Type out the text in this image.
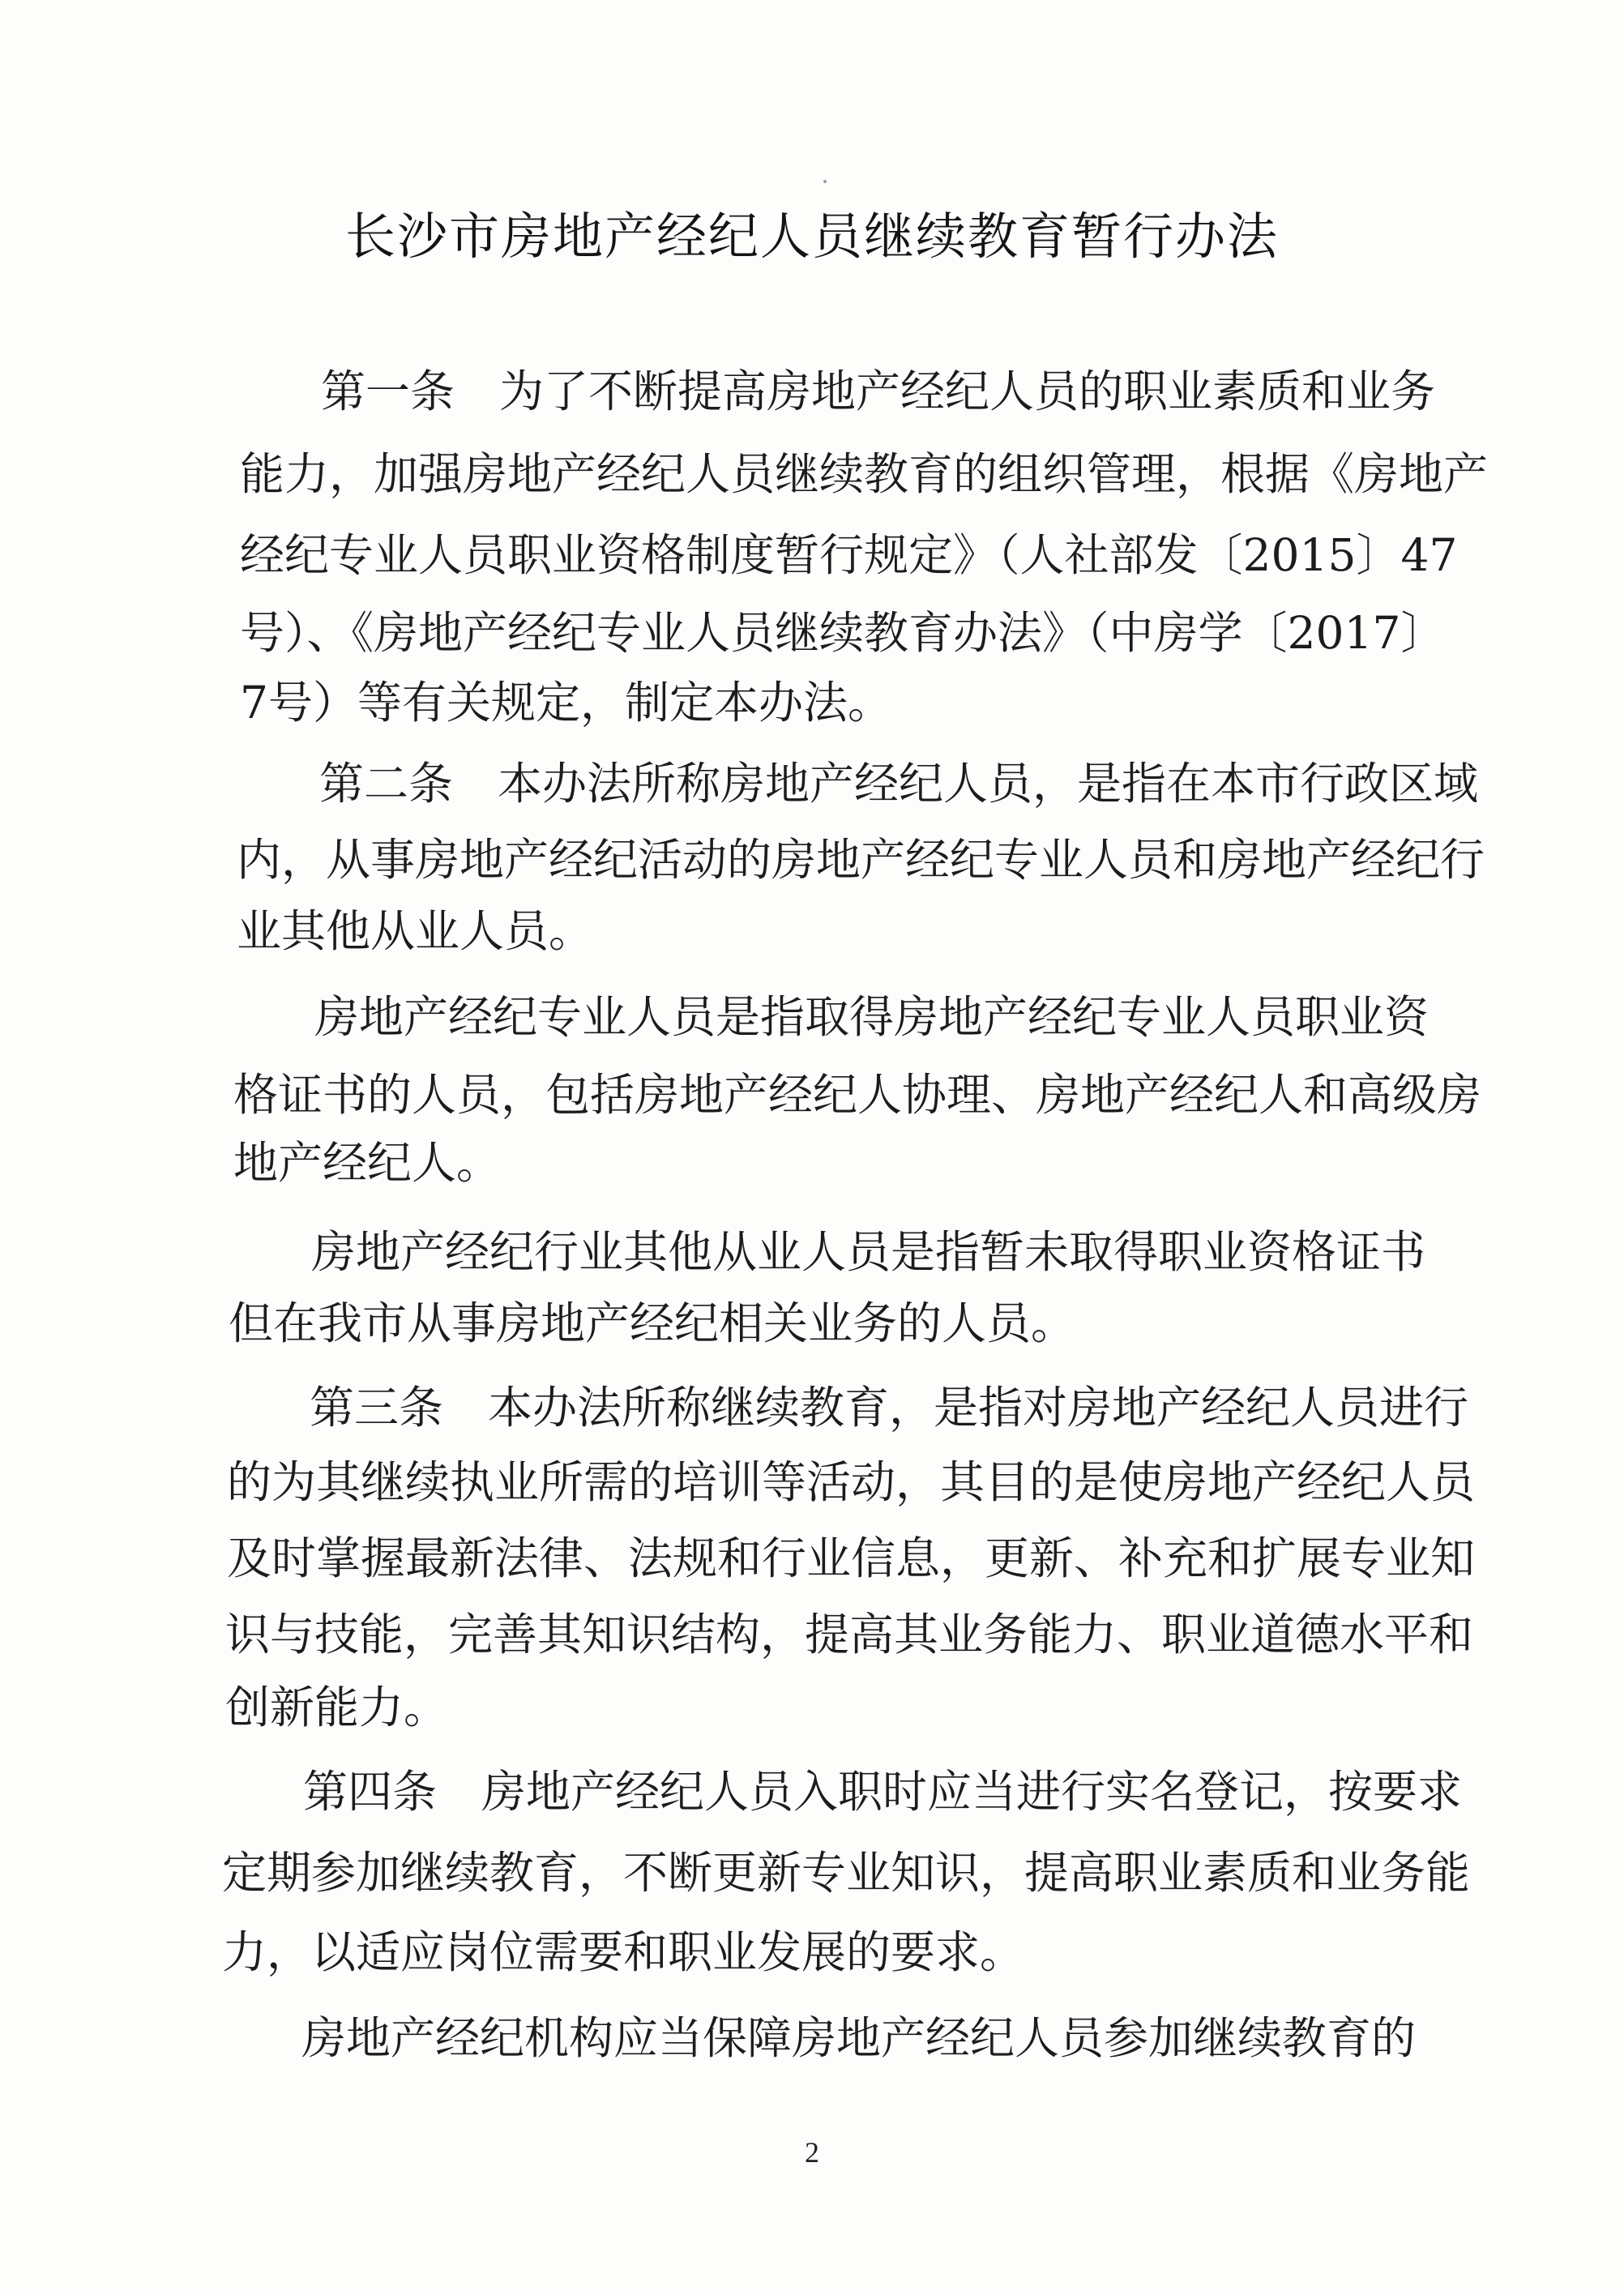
长沙市房地产经纪人员继续教育暂行办法
第一条　为了不断提高房地产经纪人员的职业素质和业务
能力，加强房地产经纪人员继续教育的组织管理，根据《房地产
经纪专业人员职业资格制度暂行规定》（人社部发〔2015〕47
号）、《房地产经纪专业人员继续教育办法》（中房学〔2017〕
7号）等有关规定，制定本办法。
第二条　本办法所称房地产经纪人员，是指在本市行政区域
内，从事房地产经纪活动的房地产经纪专业人员和房地产经纪行
业其他从业人员。
房地产经纪专业人员是指取得房地产经纪专业人员职业资
格证书的人员，包括房地产经纪人协理、房地产经纪人和高级房
地产经纪人。
房地产经纪行业其他从业人员是指暂未取得职业资格证书
但在我市从事房地产经纪相关业务的人员。
第三条　本办法所称继续教育，是指对房地产经纪人员进行
的为其继续执业所需的培训等活动，其目的是使房地产经纪人员
及时掌握最新法律、法规和行业信息，更新、补充和扩展专业知
识与技能，完善其知识结构，提高其业务能力、职业道德水平和
创新能力。
第四条　房地产经纪人员入职时应当进行实名登记，按要求
定期参加继续教育，不断更新专业知识，提高职业素质和业务能
力，以适应岗位需要和职业发展的要求。
房地产经纪机构应当保障房地产经纪人员参加继续教育的
2
